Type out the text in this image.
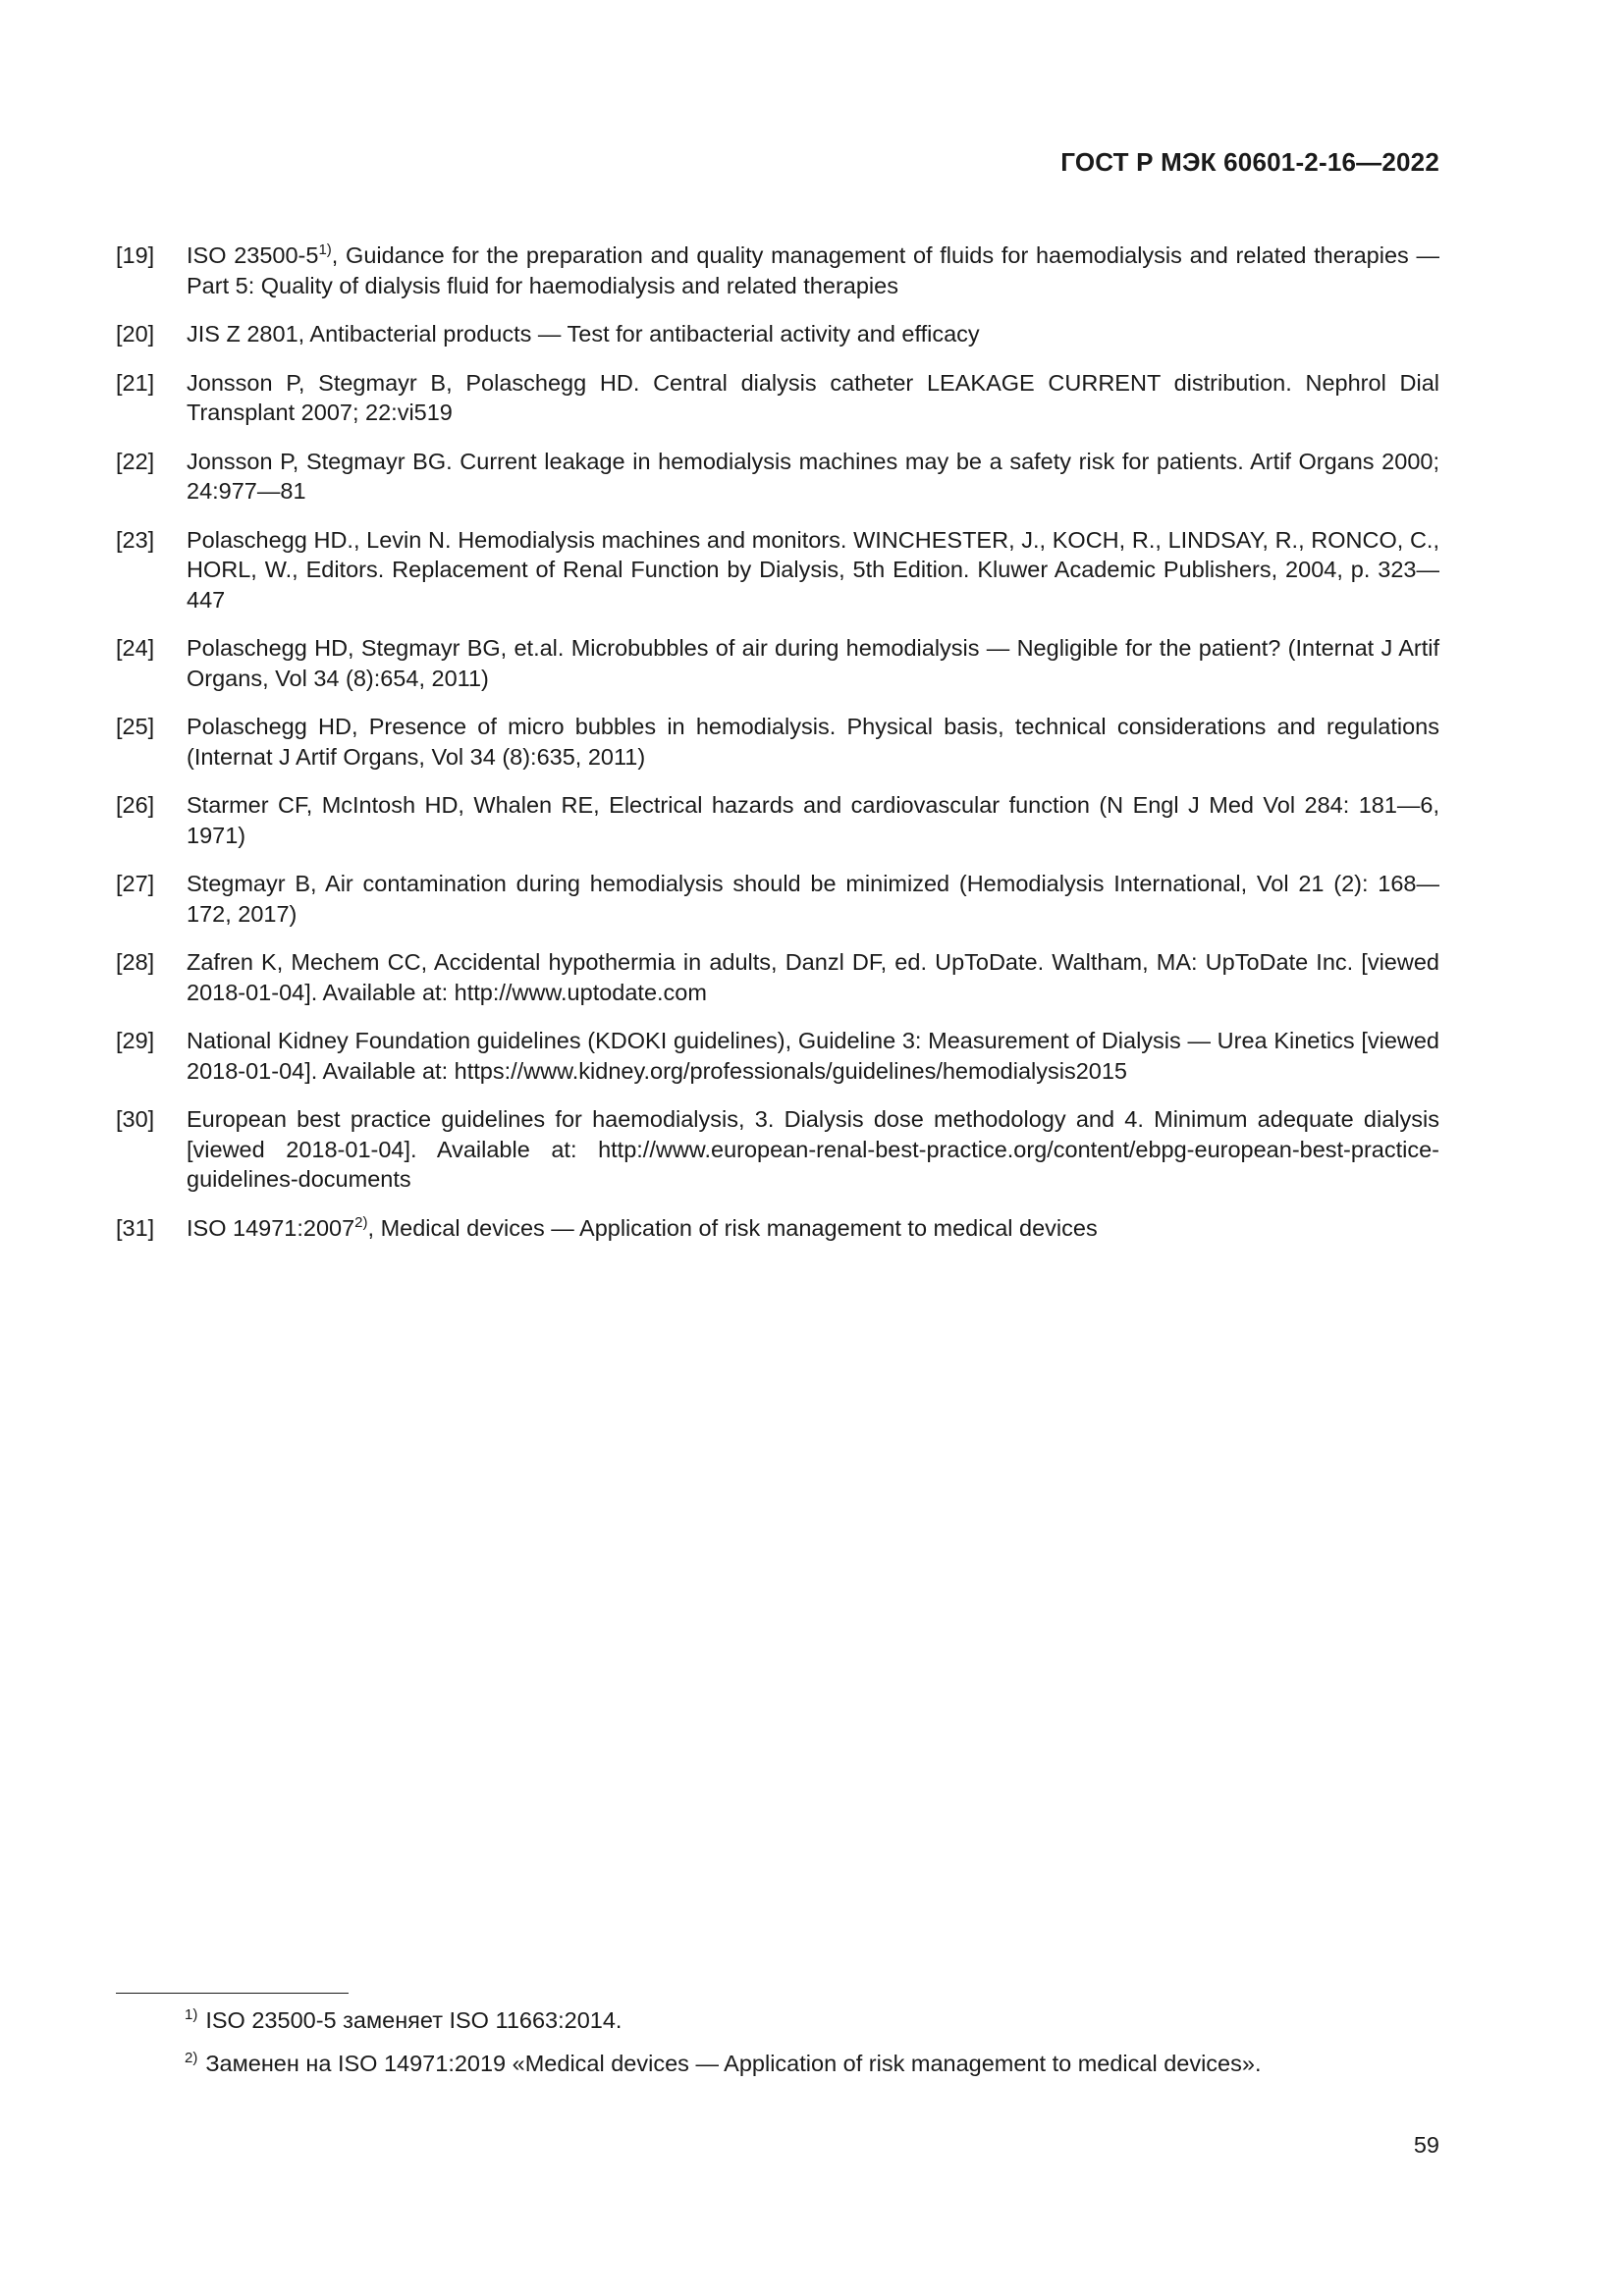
ГОСТ Р МЭК 60601-2-16—2022
[19]	ISO 23500-5$^{1)}$, Guidance for the preparation and quality management of fluids for haemodialysis and related therapies — Part 5: Quality of dialysis fluid for haemodialysis and related therapies
[20]	JIS Z 2801, Antibacterial products — Test for antibacterial activity and efficacy
[21]	Jonsson P, Stegmayr B, Polaschegg HD. Central dialysis catheter LEAKAGE CURRENT distribution. Nephrol Dial Transplant 2007; 22:vi519
[22]	Jonsson P, Stegmayr BG. Current leakage in hemodialysis machines may be a safety risk for patients. Artif Organs 2000; 24:977—81
[23]	Polaschegg HD., Levin N. Hemodialysis machines and monitors. WINCHESTER, J., KOCH, R., LINDSAY, R., RONCO, C., HORL, W., Editors. Replacement of Renal Function by Dialysis, 5th Edition. Kluwer Academic Publishers, 2004, p. 323—447
[24]	Polaschegg HD, Stegmayr BG, et.al. Microbubbles of air during hemodialysis — Negligible for the patient? (Internat J Artif Organs, Vol 34 (8):654, 2011)
[25]	Polaschegg HD, Presence of micro bubbles in hemodialysis. Physical basis, technical considerations and regulations (Internat J Artif Organs, Vol 34 (8):635, 2011)
[26]	Starmer CF, McIntosh HD, Whalen RE, Electrical hazards and cardiovascular function (N Engl J Med Vol 284: 181—6, 1971)
[27]	Stegmayr B, Air contamination during hemodialysis should be minimized (Hemodialysis International, Vol 21 (2): 168—172, 2017)
[28]	Zafren K, Mechem CC, Accidental hypothermia in adults, Danzl DF, ed. UpToDate. Waltham, MA: UpToDate Inc. [viewed 2018-01-04]. Available at: http://www.uptodate.com
[29]	National Kidney Foundation guidelines (KDOKI guidelines), Guideline 3: Measurement of Dialysis — Urea Kinetics [viewed 2018-01-04]. Available at: https://www.kidney.org/professionals/guidelines/hemodialysis2015
[30]	European best practice guidelines for haemodialysis, 3. Dialysis dose methodology and 4. Minimum adequate dialysis [viewed 2018-01-04]. Available at: http://www.european-renal-best-practice.org/content/ebpg-european-best-practice-guidelines-documents
[31]	ISO 14971:2007$^{2)}$, Medical devices — Application of risk management to medical devices
$^{1)}$ ISO 23500-5 заменяет ISO 11663:2014.
$^{2)}$ Заменен на ISO 14971:2019 «Medical devices — Application of risk management to medical devices».
59
